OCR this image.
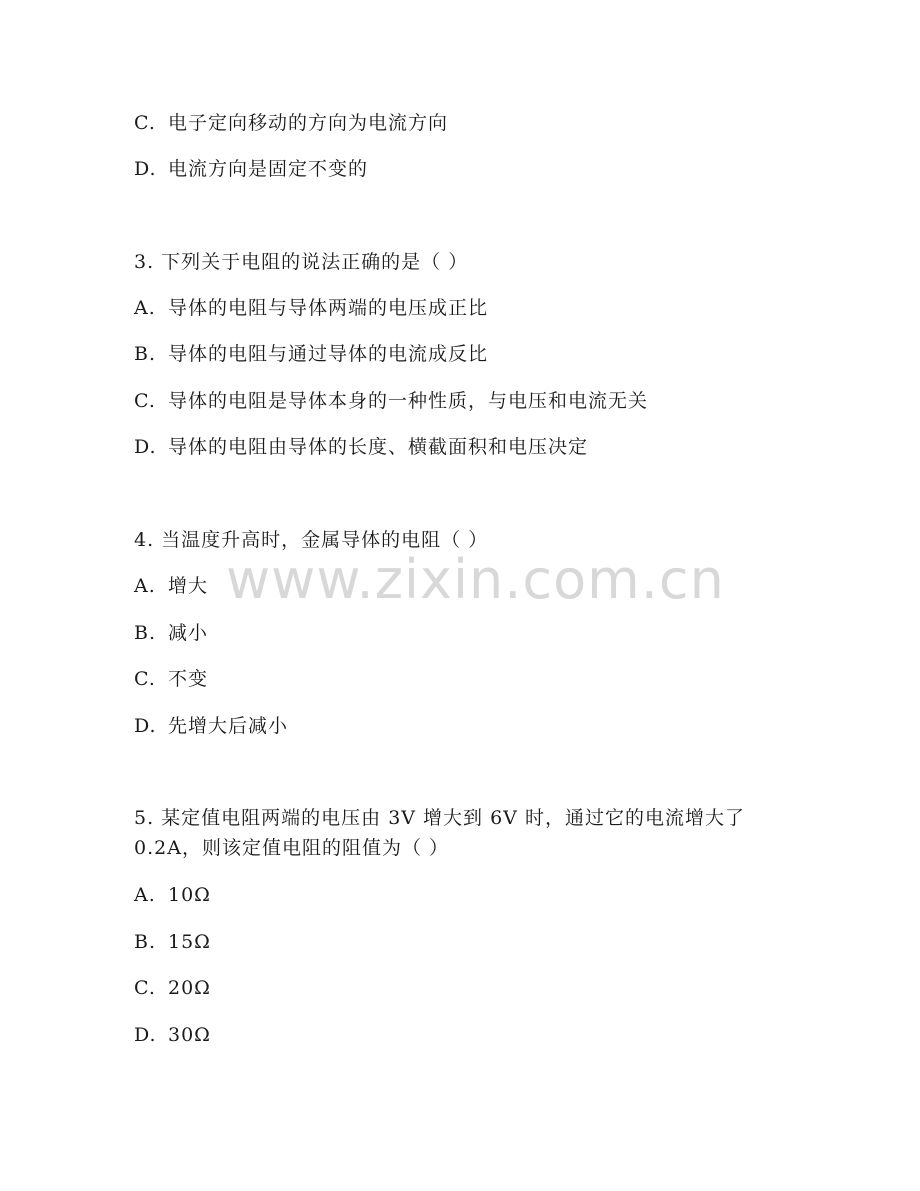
www.zixin.com.cn
C. 电子定向移动的方向为电流方向
D. 电流方向是固定不变的
3. 下列关于电阻的说法正确的是（ ）
A. 导体的电阻与导体两端的电压成正比
B. 导体的电阻与通过导体的电流成反比
C. 导体的电阻是导体本身的一种性质，与电压和电流无关
D. 导体的电阻由导体的长度、横截面积和电压决定
4. 当温度升高时，金属导体的电阻（ ）
A. 增大
B. 减小
C. 不变
D. 先增大后减小
5. 某定值电阻两端的电压由 3V 增大到 6V 时，通过它的电流增大了
0.2A，则该定值电阻的阻值为（ ）
A. 10Ω
B. 15Ω
C. 20Ω
D. 30Ω
